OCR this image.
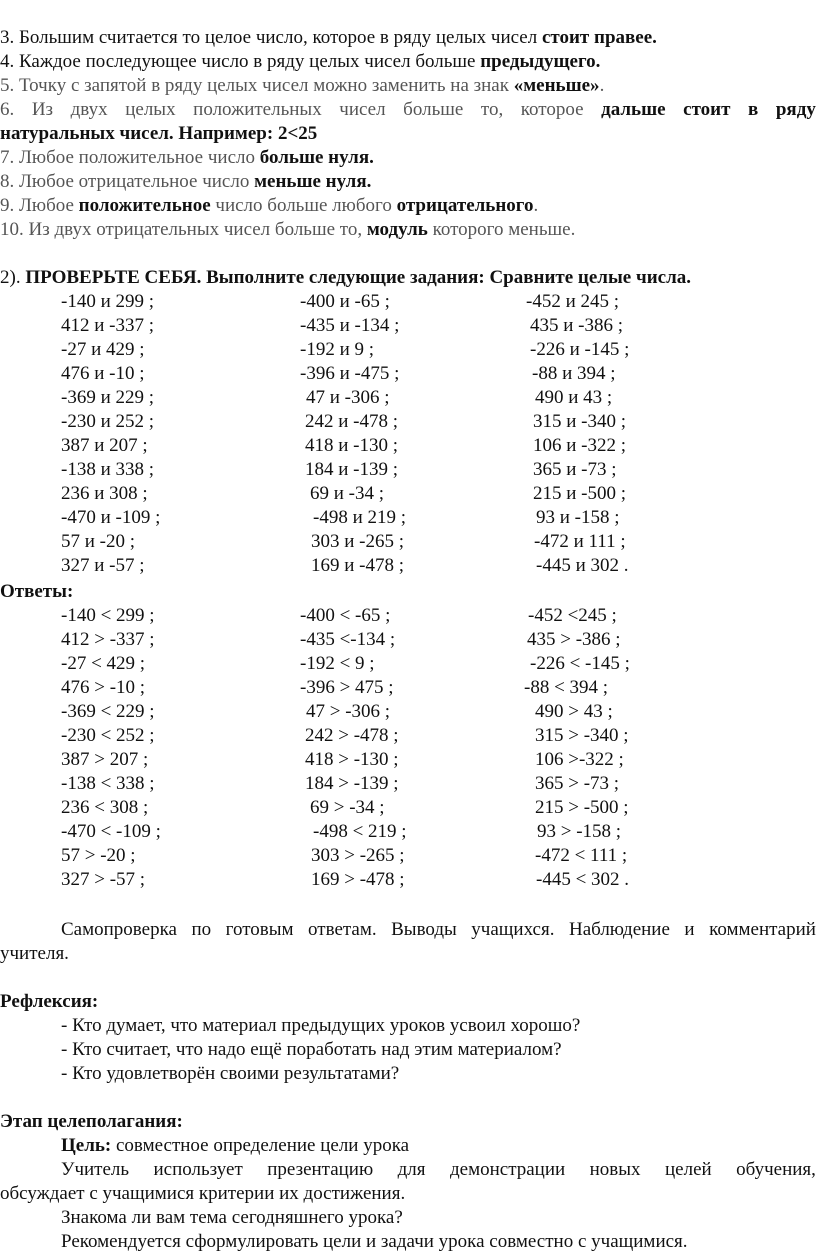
3. Большим считается то целое число, которое в ряду целых чисел стоит правее.
4. Каждое последующее число в ряду целых чисел больше предыдущего.
5. Точку с запятой в ряду целых чисел можно заменить на знак «меньше».
6. Из двух целых положительных чисел больше то, которое дальше стоит в ряду
натуральных чисел. Например: 2<25
7. Любое положительное число больше нуля.
8. Любое отрицательное число меньше нуля.
9. Любое положительное число больше любого отрицательного.
10. Из двух отрицательных чисел больше то, модуль которого меньше.
2). ПРОВЕРЬТЕ СЕБЯ. Выполните следующие задания: Сравните целые числа.
-140 и 299 ;	-400 и -65 ;	-452 и 245 ;
412 и -337 ;	-435 и -134 ;	435 и -386 ;
-27 и 429 ;	-192 и 9 ;	-226 и -145 ;
476 и -10 ;	-396 и -475 ;	-88 и 394 ;
-369 и 229 ;	47 и -306 ;	490 и 43 ;
-230 и 252 ;	242 и -478 ;	315 и -340 ;
387 и 207 ;	418 и -130 ;	106 и -322 ;
-138 и 338 ;	184 и -139 ;	365 и -73 ;
236 и 308 ;	69 и -34 ;	215 и -500 ;
-470 и -109 ;	-498 и 219 ;	93 и -158 ;
57 и -20 ;	303 и -265 ;	-472 и 111 ;
327 и -57 ;	169 и -478 ;	-445 и 302 .
Ответы:
-140 < 299 ;	-400 < -65 ;	-452 <245 ;
412 > -337 ;	-435 <-134 ;	435 > -386 ;
-27 < 429 ;	-192 < 9 ;	-226 < -145 ;
476 > -10 ;	-396 > 475 ;	-88 < 394 ;
-369 < 229 ;	47 > -306 ;	490 > 43 ;
-230 < 252 ;	242 > -478 ;	315 > -340 ;
387 > 207 ;	418 > -130 ;	106 >-322 ;
-138 < 338 ;	184 > -139 ;	365 > -73 ;
236 < 308 ;	69 > -34 ;	215 > -500 ;
-470 < -109 ;	-498 < 219 ;	93 > -158 ;
57 > -20 ;	303 > -265 ;	-472 < 111 ;
327 > -57 ;	169 > -478 ;	-445 < 302 .
Самопроверка по готовым ответам. Выводы учащихся. Наблюдение и комментарий
учителя.
Рефлексия:
- Кто думает, что материал предыдущих уроков усвоил хорошо?
- Кто считает, что надо ещё поработать над этим материалом?
- Кто удовлетворён своими результатами?
Этап целеполагания:
Цель: совместное определение цели урока
Учитель использует презентацию для демонстрации новых целей обучения,
обсуждает с учащимися критерии их достижения.
Знакома ли вам тема сегодняшнего урока?
Рекомендуется сформулировать цели и задачи урока совместно с учащимися.
